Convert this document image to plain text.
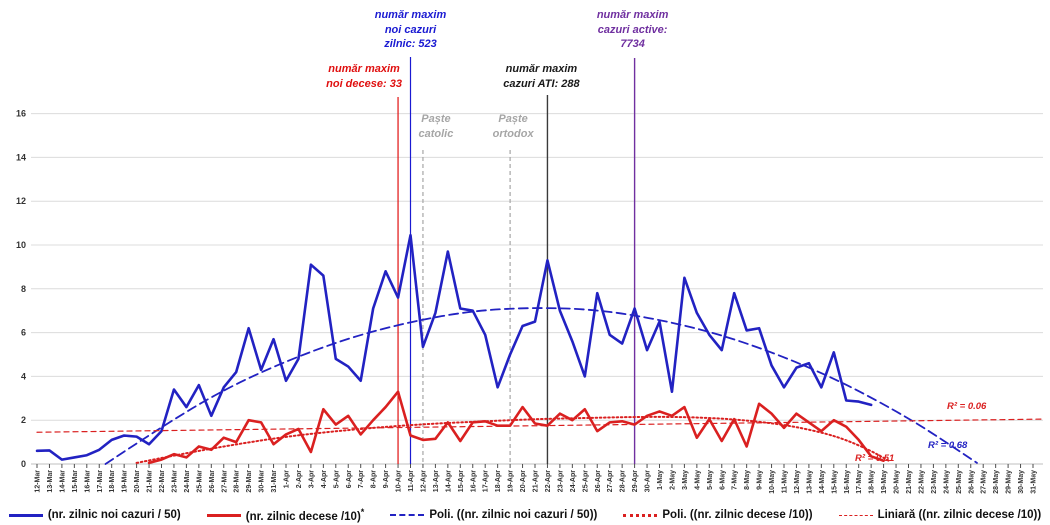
0
2
4
6
8
10
12
14
16
12-Mar 13-Mar 14-Mar 15-Mar 16-Mar 17-Mar 18-Mar 19-Mar 20-Mar 21-Mar 22-Mar 23-Mar 24-Mar 25-Mar 26-Mar 27-Mar 28-Mar 29-Mar 30-Mar 31-Mar 1-Apr 2-Apr 3-Apr 4-Apr 5-Apr 6-Apr 7-Apr 8-Apr 9-Apr 10-Apr 11-Apr 12-Apr 13-Apr 14-Apr 15-Apr 16-Apr 17-Apr 18-Apr 19-Apr 20-Apr 21-Apr 22-Apr 23-Apr 24-Apr 25-Apr 26-Apr 27-Apr 28-Apr 29-Apr 30-Apr 1-May 2-May 3-May 4-May 5-May 6-May 7-May 8-May 9-May 10-May 11-May 12-May 13-May 14-May 15-May 16-May 17-May 18-May 19-May 20-May 21-May 22-May 23-May 24-May 25-May 26-May 27-May 28-May 29-May 30-May 31-May
număr maxim
noi cazuri
zilnic: 523
număr maxim
noi decese: 33
număr maxim
cazuri ATI: 288
număr maxim
cazuri active:
7734
Paște
catolic
Paște
ortodox
R² = 0.06
R² = 0.68
R² = 0.51
(nr. zilnic noi cazuri / 50)	(nr. zilnic decese /10)*	Poli. ((nr. zilnic noi cazuri / 50))	Poli. ((nr. zilnic decese /10))	Liniară ((nr. zilnic decese /10))
